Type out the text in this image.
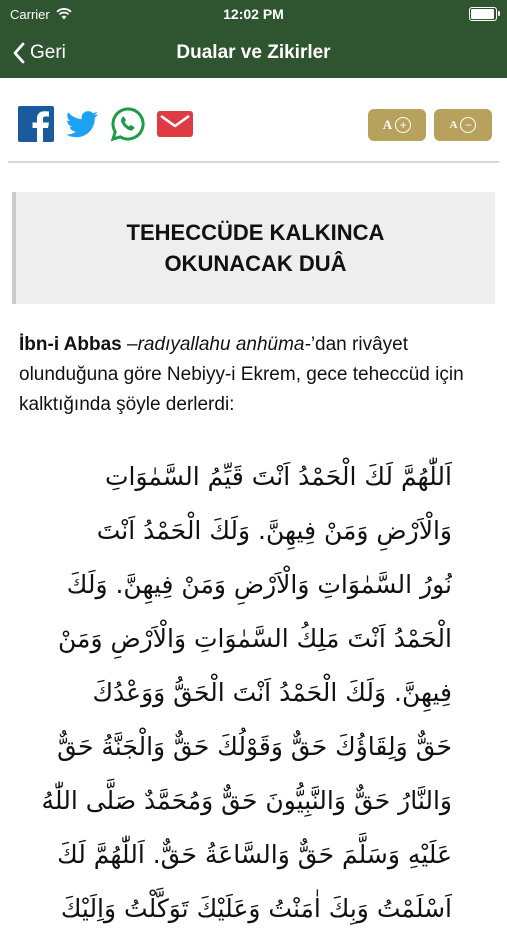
Carrier	12:02 PM
Geri	Dualar ve Zikirler
A +	A −
TEHECCÜDE KALKINCA
OKUNACAK DUÂ
İbn-i Abbas –radıyallahu anhüma-’dan rivâyet olunduğuna göre Nebiyy-i Ekrem, gece teheccüd için kalktığında şöyle derlerdi:
اَللّٰهُمَّ لَكَ الْحَمْدُ اَنْتَ قَيِّمُ السَّمٰوَاتِ
وَالْاَرْضِ وَمَنْ فِيهِنَّ. وَلَكَ الْحَمْدُ اَنْتَ
نُورُ السَّمٰوَاتِ وَالْاَرْضِ وَمَنْ فِيهِنَّ. وَلَكَ
الْحَمْدُ اَنْتَ مَلِكُ السَّمٰوَاتِ وَالْاَرْضِ وَمَنْ
فِيهِنَّ. وَلَكَ الْحَمْدُ اَنْتَ الْحَقُّ وَوَعْدُكَ
حَقٌّ وَلِقَاؤُكَ حَقٌّ وَقَوْلُكَ حَقٌّ وَالْجَنَّةُ حَقٌّ
وَالنَّارُ حَقٌّ وَالنَّبِيُّونَ حَقٌّ وَمُحَمَّدٌ صَلَّى اللّٰهُ
عَلَيْهِ وَسَلَّمَ حَقٌّ وَالسَّاعَةُ حَقٌّ. اَللّٰهُمَّ لَكَ
اَسْلَمْتُ وَبِكَ اٰمَنْتُ وَعَلَيْكَ تَوَكَّلْتُ وَاِلَيْكَ
